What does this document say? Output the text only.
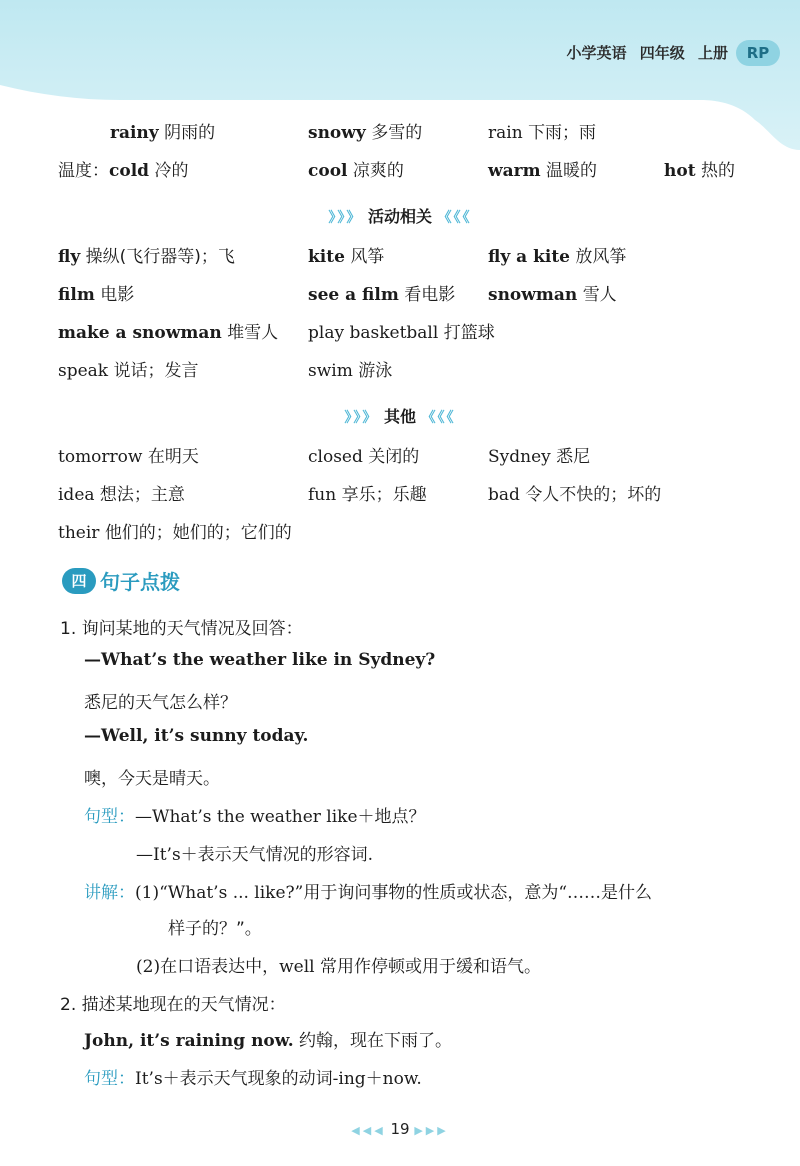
小学英语 四年级 上册	RP
rainy 阴雨的	snowy 多雪的	rain 下雨；雨
温度：cold 冷的	cool 凉爽的	warm 温暖的	hot 热的
》》》 活动相关 《《《
fly 操纵(飞行器等)；飞	kite 风筝	fly a kite 放风筝
film 电影	see a film 看电影 snowman 雪人
make a snowman 堆雪人 play basketball 打篮球
speak 说话；发言	swim 游泳
》》》 其他 《《《
tomorrow 在明天	closed 关闭的	Sydney 悉尼
idea 想法；主意	fun 享乐；乐趣	bad 令人不快的；坏的
their 他们的；她们的；它们的
四 句子点拨
1. 询问某地的天气情况及回答：
—What’s the weather like in Sydney?
悉尼的天气怎么样？
—Well, it’s sunny today.
噢，今天是晴天。
句型：—What’s the weather like＋地点？
—It’s＋表示天气情况的形容词.
讲解：(1)“What’s ... like?”用于询问事物的性质或状态，意为“……是什么
样子的？”。
(2)在口语表达中，well 常用作停顿或用于缓和语气。
2. 描述某地现在的天气情况：
John, it’s raining now. 约翰，现在下雨了。
句型：It’s＋表示天气现象的动词-ing＋now.
◀◀◀ 19 ▶▶▶
